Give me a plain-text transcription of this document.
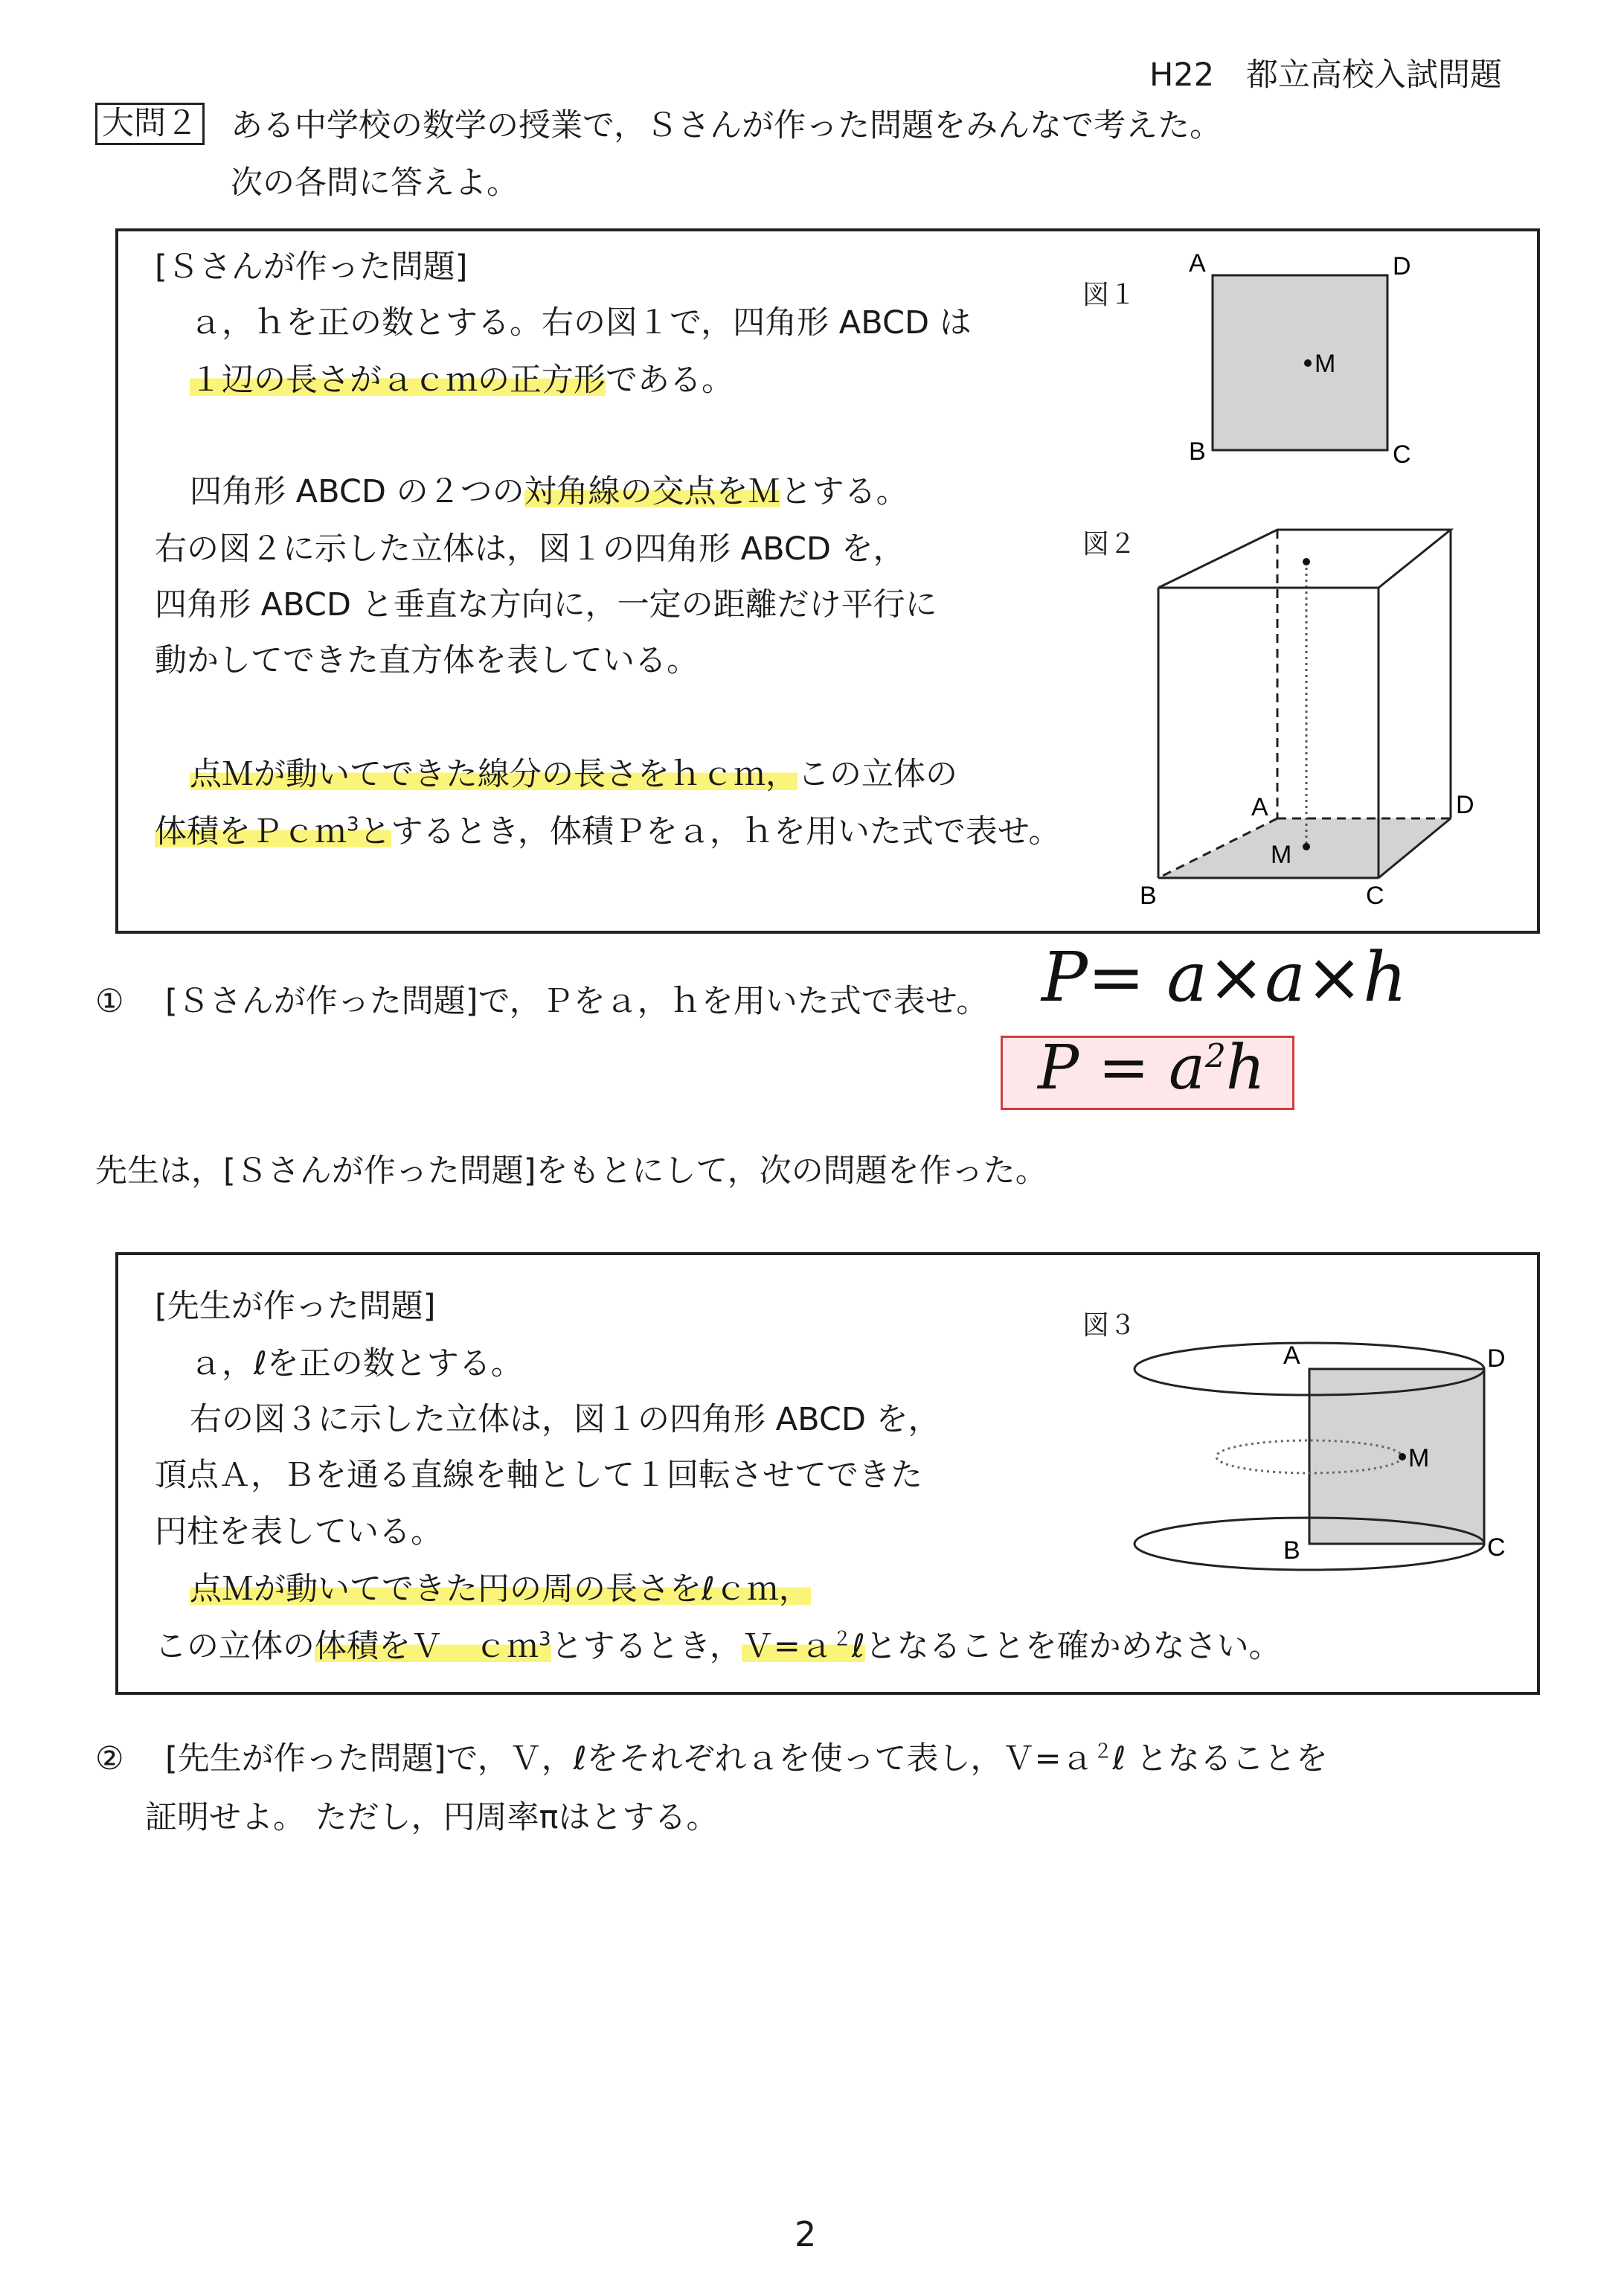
H22　都立高校入試問題
大問２ ある中学校の数学の授業で，Ｓさんが作った問題をみんなで考えた。
次の各問に答えよ。
[Ｓさんが作った問題]
ａ，ｈを正の数とする。右の図１で，四角形 ABCD は
１辺の長さがａｃｍの正方形である。
四角形 ABCD の２つの対角線の交点をＭとする。
右の図２に示した立体は，図１の四角形 ABCD を，
四角形 ABCD と垂直な方向に，一定の距離だけ平行に
動かしてできた直方体を表している。
点Ｍが動いてできた線分の長さをｈｃｍ，この立体の
体積をＰｃｍ$^3$とするとき，体積Ｐをａ，ｈを用いた式で表せ。
図１
A	D
B	C
M
図２
A	D
B	C
M
① [Ｓさんが作った問題]で，Ｐをａ，ｈを用いた式で表せ。 P= a×a×h
$P = a^2h$
先生は，[Ｓさんが作った問題]をもとにして，次の問題を作った。
[先生が作った問題]
ａ，ℓを正の数とする。
右の図３に示した立体は，図１の四角形 ABCD を，
頂点Ａ，Ｂを通る直線を軸として１回転させてできた
円柱を表している。
点Ｍが動いてできた円の周の長さをℓｃｍ，
この立体の体積をＶ　ｃｍ$^3$とするとき，Ｖ=ａ$^2$ℓとなることを確かめなさい。
図３
A	D
B	C
M
② [先生が作った問題]で，Ｖ，ℓをそれぞれａを使って表し，Ｖ=ａ$^2$ℓ となることを
証明せよ。 ただし，円周率πはとする。
2
